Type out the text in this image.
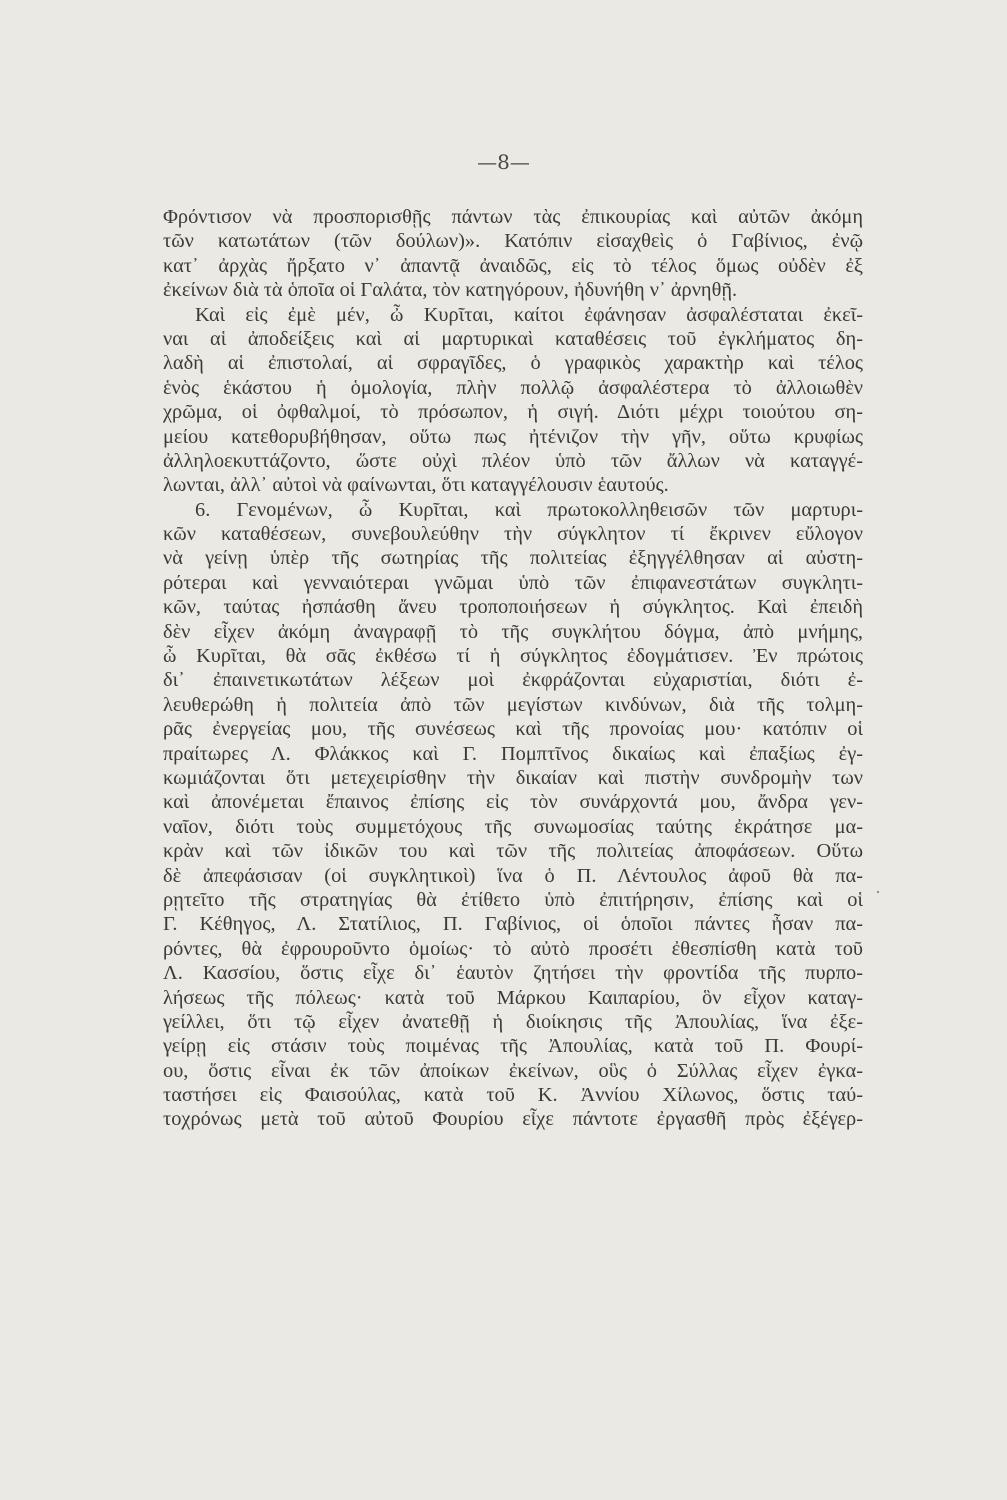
—8—
Φρόντισον νὰ προσπορισθῇς πάντων τὰς ἐπικουρίας καὶ αὐτῶν ἀκόμη
τῶν κατωτάτων (τῶν δούλων)». Κατόπιν εἰσαχθεὶς ὁ Γαβίνιος, ἐνῷ
κατ᾽ ἀρχὰς ἤρξατο ν᾽ ἀπαντᾷ ἀναιδῶς, εἰς τὸ τέλος ὅμως οὐδὲν ἐξ
ἐκείνων διὰ τὰ ὁποῖα οἱ Γαλάτα, τὸν κατηγόρουν, ἠδυνήθη ν᾽ ἀρνηθῇ.
Καὶ εἰς ἐμὲ μέν, ὦ Κυρῖται, καίτοι ἐφάνησαν ἀσφαλέσταται ἐκεῖ-
ναι αἱ ἀποδείξεις καὶ αἱ μαρτυρικαὶ καταθέσεις τοῦ ἐγκλήματος δη-
λαδὴ αἱ ἐπιστολαί, αἱ σφραγῖδες, ὁ γραφικὸς χαρακτὴρ καὶ τέλος
ἑνὸς ἑκάστου ἡ ὁμολογία, πλὴν πολλῷ ἀσφαλέστερα τὸ ἀλλοιωθὲν
χρῶμα, οἱ ὀφθαλμοί, τὸ πρόσωπον, ἡ σιγή. Διότι μέχρι τοιούτου ση-
μείου κατεθορυβήθησαν, οὕτω πως ἠτένιζον τὴν γῆν, οὕτω κρυφίως
ἀλληλοεκυττάζοντο, ὥστε οὐχὶ πλέον ὑπὸ τῶν ἄλλων νὰ καταγγέ-
λωνται, ἀλλ᾽ αὐτοὶ νὰ φαίνωνται, ὅτι καταγγέλουσιν ἑαυτούς.
6. Γενομένων, ὦ Κυρῖται, καὶ πρωτοκολληθεισῶν τῶν μαρτυρι-
κῶν καταθέσεων, συνεβουλεύθην τὴν σύγκλητον τί ἔκρινεν εὔλογον
νὰ γείνῃ ὑπὲρ τῆς σωτηρίας τῆς πολιτείας ἐξηγγέλθησαν αἱ αὐστη-
ρότεραι καὶ γενναιότεραι γνῶμαι ὑπὸ τῶν ἐπιφανεστάτων συγκλητι-
κῶν, ταύτας ἠσπάσθη ἄνευ τροποποιήσεων ἡ σύγκλητος. Καὶ ἐπειδὴ
δὲν εἶχεν ἀκόμη ἀναγραφῇ τὸ τῆς συγκλήτου δόγμα, ἀπὸ μνήμης,
ὦ Κυρῖται, θὰ σᾶς ἐκθέσω τί ἡ σύγκλητος ἐδογμάτισεν. Ἐν πρώτοις
δι᾽ ἐπαινετικωτάτων λέξεων μοὶ ἐκφράζονται εὐχαριστίαι, διότι ἐ-
λευθερώθη ἡ πολιτεία ἀπὸ τῶν μεγίστων κινδύνων, διὰ τῆς τολμη-
ρᾶς ἐνεργείας μου, τῆς συνέσεως καὶ τῆς προνοίας μου· κατόπιν οἱ
πραίτωρες Λ. Φλάκκος καὶ Γ. Πομπτῖνος δικαίως καὶ ἐπαξίως ἐγ-
κωμιάζονται ὅτι μετεχειρίσθην τὴν δικαίαν καὶ πιστὴν συνδρομὴν των
καὶ ἀπονέμεται ἔπαινος ἐπίσης εἰς τὸν συνάρχοντά μου, ἄνδρα γεν-
ναῖον, διότι τοὺς συμμετόχους τῆς συνωμοσίας ταύτης ἐκράτησε μα-
κρὰν καὶ τῶν ἰδικῶν του καὶ τῶν τῆς πολιτείας ἀποφάσεων. Οὕτω
δὲ ἀπεφάσισαν (οἱ συγκλητικοὶ) ἵνα ὁ Π. Λέντουλος ἀφοῦ θὰ πα-
ρῃτεῖτο τῆς στρατηγίας θὰ ἐτίθετο ὑπὸ ἐπιτήρησιν, ἐπίσης καὶ οἱ
Γ. Κέθηγος, Λ. Στατίλιος, Π. Γαβίνιος, οἱ ὁποῖοι πάντες ἦσαν πα-
ρόντες, θὰ ἐφρουροῦντο ὁμοίως· τὸ αὐτὸ προσέτι ἐθεσπίσθη κατὰ τοῦ
Λ. Κασσίου, ὅστις εἶχε δι᾽ ἑαυτὸν ζητήσει τὴν φροντίδα τῆς πυρπο-
λήσεως τῆς πόλεως· κατὰ τοῦ Μάρκου Καιπαρίου, ὃν εἶχον καταγ-
γείλλει, ὅτι τῷ εἶχεν ἀνατεθῇ ἡ διοίκησις τῆς Ἀπουλίας, ἵνα ἐξε-
γείρῃ εἰς στάσιν τοὺς ποιμένας τῆς Ἀπουλίας, κατὰ τοῦ Π. Φουρί-
ου, ὅστις εἶναι ἐκ τῶν ἀποίκων ἐκείνων, οὓς ὁ Σύλλας εἶχεν ἐγκα-
ταστήσει εἰς Φαισούλας, κατὰ τοῦ Κ. Ἀννίου Χίλωνος, ὅστις ταύ-
τοχρόνως μετὰ τοῦ αὐτοῦ Φουρίου εἶχε πάντοτε ἐργασθῆ πρὸς ἐξέγερ-
.
